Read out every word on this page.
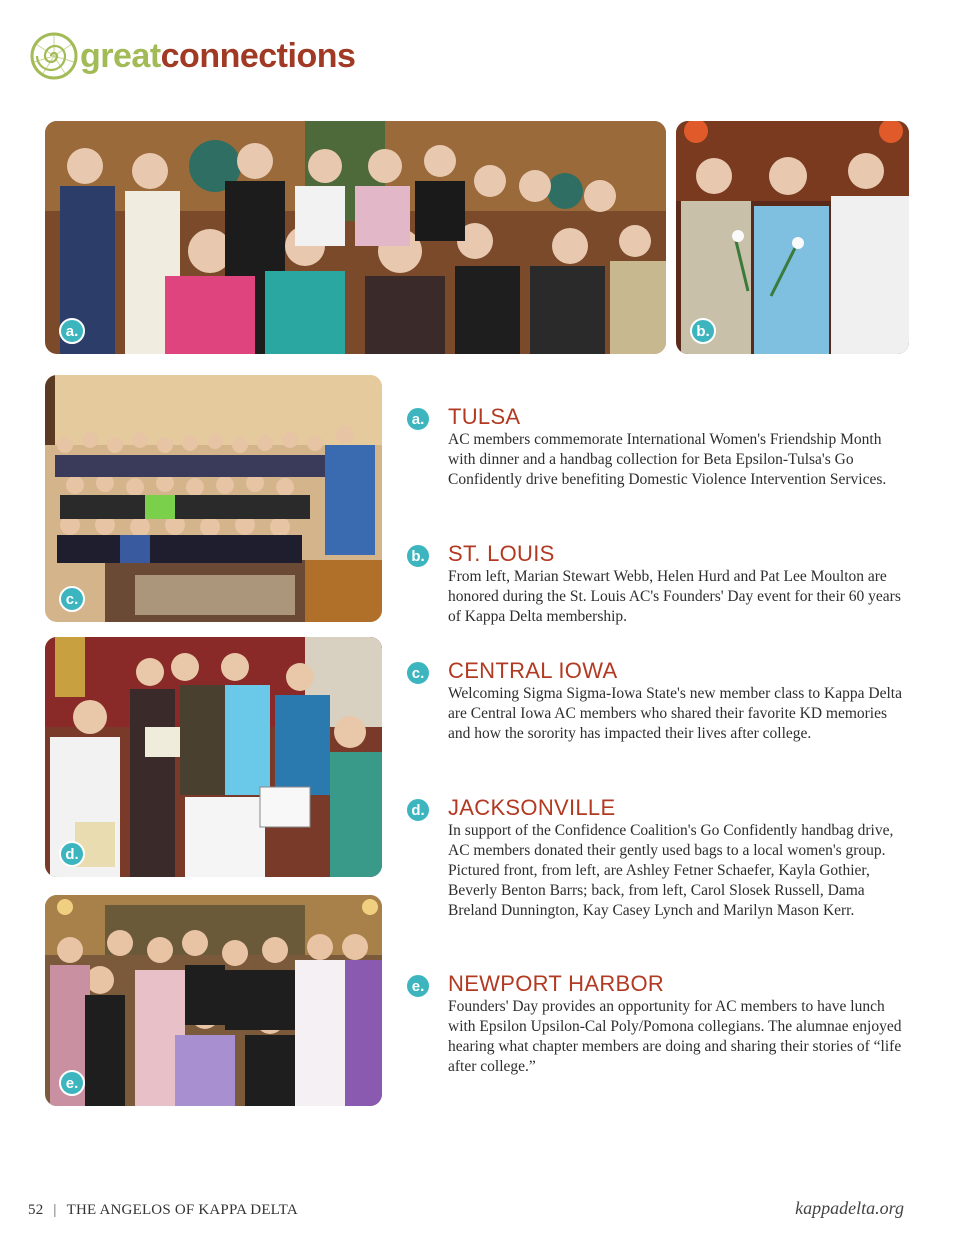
greatconnections
a.	b.
c.
d.
e.
a.	TULSA

AC members commemorate International Women's Friendship Month with dinner and a handbag collection for Beta Epsilon-Tulsa's Go Confidently drive benefiting Domestic Violence Intervention Services.

b. ST. LOUIS

From left, Marian Stewart Webb, Helen Hurd and Pat Lee Moulton are honored during the St. Louis AC's Founders' Day event for their 60 years of Kappa Delta membership.

c.	CENTRAL IOWA

Welcoming Sigma Sigma-Iowa State's new member class to Kappa Delta are Central Iowa AC members who shared their favorite KD memories and how the sorority has impacted their lives after college.

d. JACKSONVILLE

In support of the Confidence Coalition's Go Confidently handbag drive, AC members donated their gently used bags to a local women's group. Pictured front, from left, are Ashley Fetner Schaefer, Kayla Gothier, Beverly Benton Barrs; back, from left, Carol Slosek Russell, Dama Breland Dunnington, Kay Casey Lynch and Marilyn Mason Kerr.

e.	NEWPORT HARBOR

Founders' Day provides an opportunity for AC members to have lunch with Epsilon Upsilon-Cal Poly/Pomona collegians. The alumnae enjoyed hearing what chapter members are doing and sharing their stories of “life after college.”

52 | THE ANGELOS OF KAPPA DELTA	kappadelta.org
